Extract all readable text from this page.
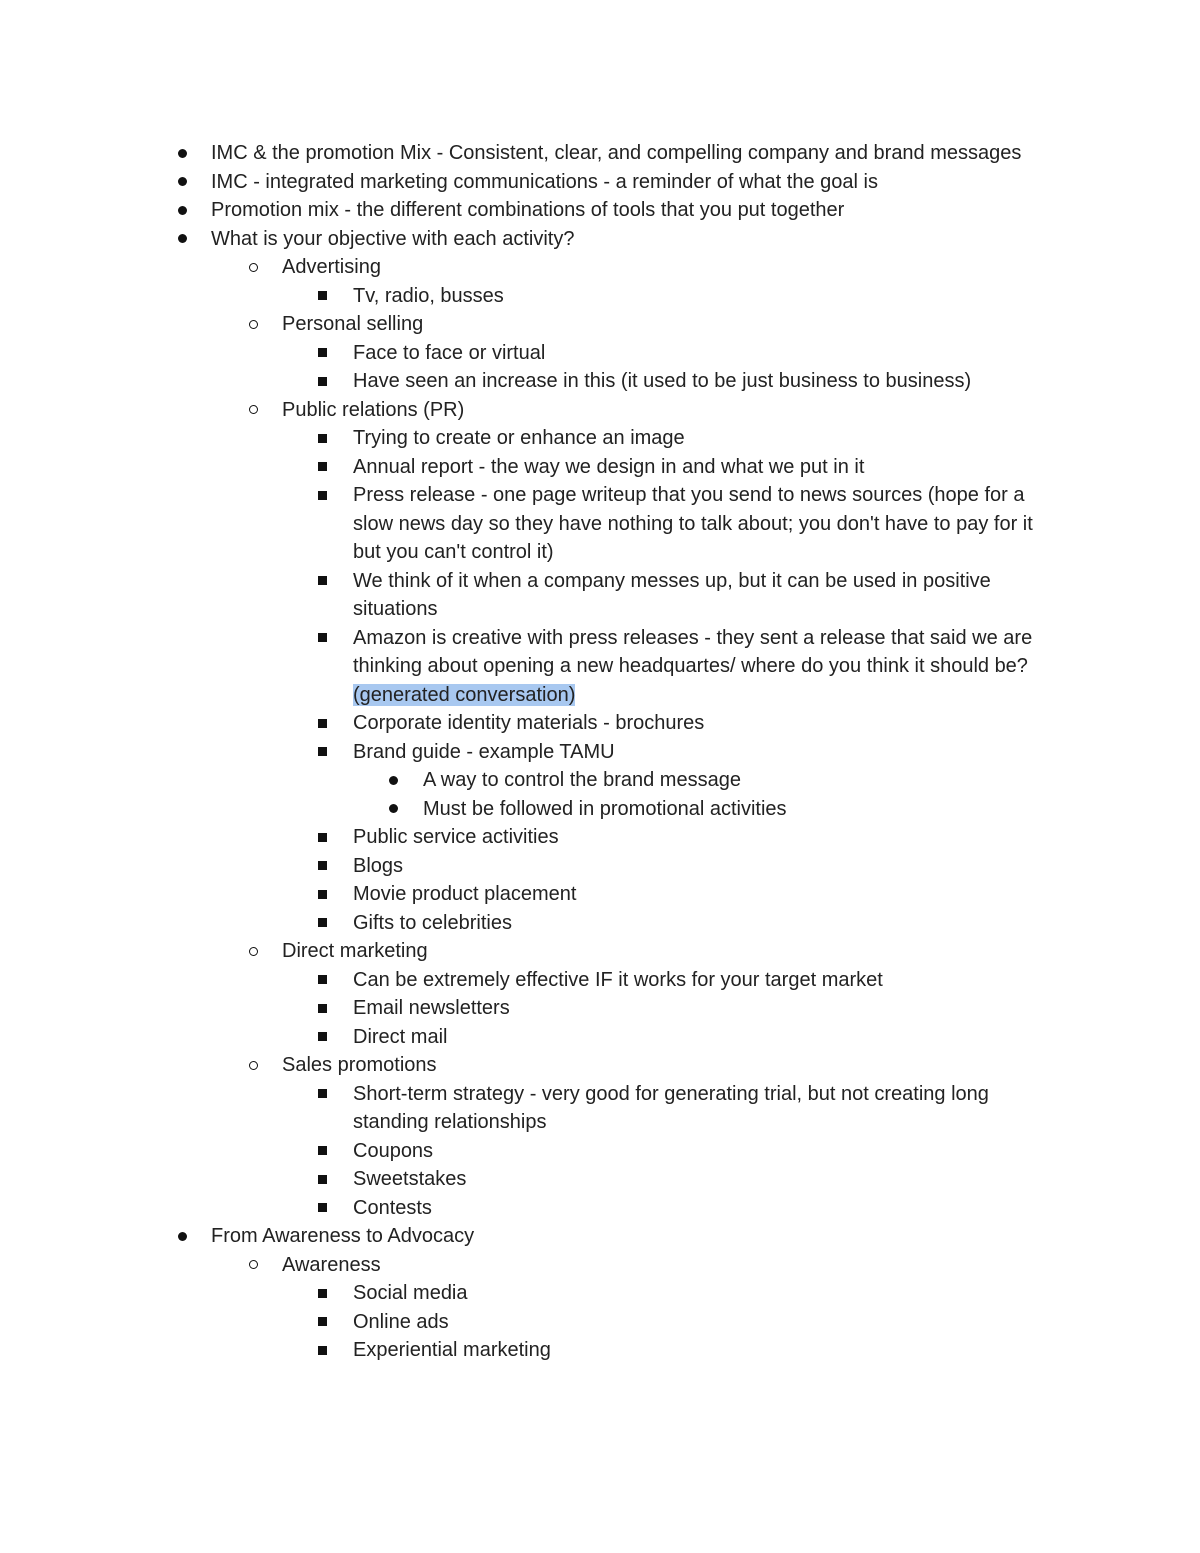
IMC & the promotion Mix - Consistent, clear, and compelling company and brand messages
IMC - integrated marketing communications - a reminder of what the goal is
Promotion mix - the different combinations of tools that you put together
What is your objective with each activity?
Advertising
Tv, radio, busses
Personal selling
Face to face or virtual
Have seen an increase in this (it used to be just business to business)
Public relations (PR)
Trying to create or enhance an image
Annual report - the way we design in and what we put in it
Press release - one page writeup that you send to news sources (hope for a slow news day so they have nothing to talk about; you don't have to pay for it but you can't control it)
We think of it when a company messes up, but it can be used in positive situations
Amazon is creative with press releases - they sent a release that said we are thinking about opening a new headquartes/ where do you think it should be? (generated conversation)
Corporate identity materials - brochures
Brand guide - example TAMU
A way to control the brand message
Must be followed in promotional activities
Public service activities
Blogs
Movie product placement
Gifts to celebrities
Direct marketing
Can be extremely effective IF it works for your target market
Email newsletters
Direct mail
Sales promotions
Short-term strategy - very good for generating trial, but not creating long standing relationships
Coupons
Sweetstakes
Contests
From Awareness to Advocacy
Awareness
Social media
Online ads
Experiential marketing
